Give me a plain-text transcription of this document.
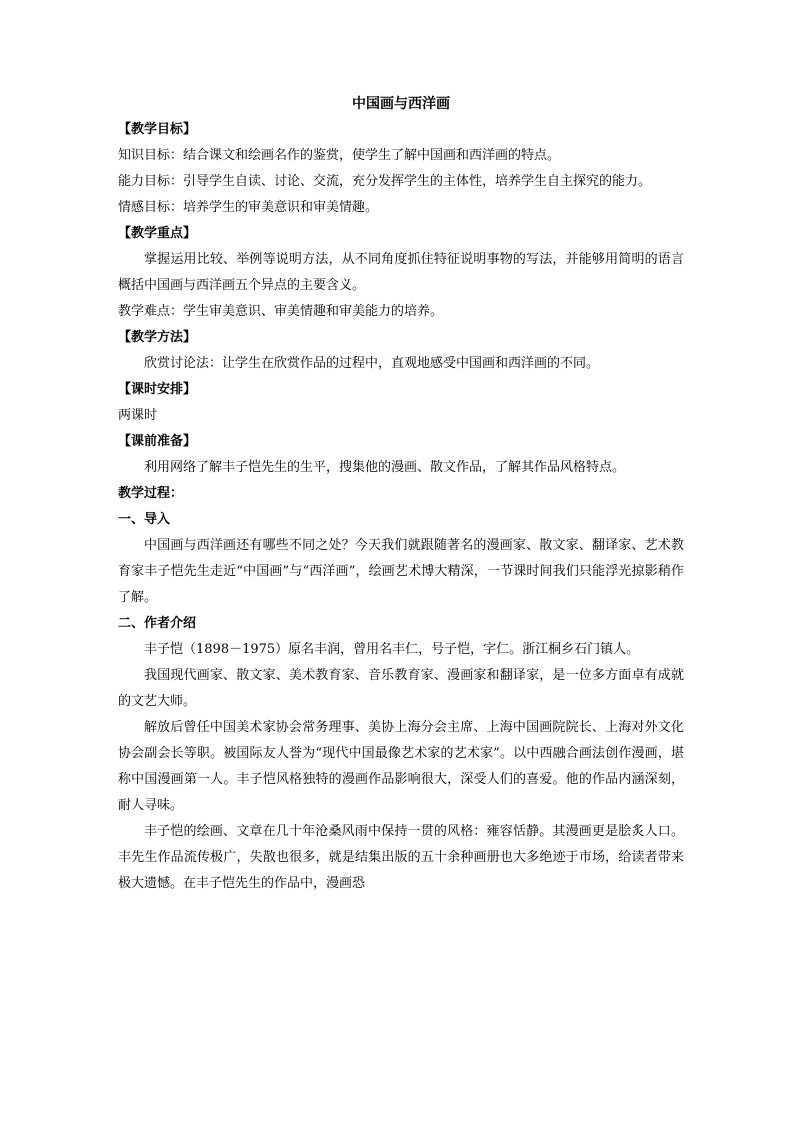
中国画与西洋画

【教学目标】

知识目标：结合课文和绘画名作的鉴赏，使学生了解中国画和西洋画的特点。

能力目标：引导学生自读、讨论、交流，充分发挥学生的主体性，培养学生自主探究的能力。

情感目标：培养学生的审美意识和审美情趣。

【教学重点】

掌握运用比较、举例等说明方法，从不同角度抓住特征说明事物的写法，并能够用简明的语言概括中国画与西洋画五个异点的主要含义。

教学难点：学生审美意识、审美情趣和审美能力的培养。

【教学方法】

欣赏讨论法：让学生在欣赏作品的过程中，直观地感受中国画和西洋画的不同。

【课时安排】

两课时

【课前准备】

利用网络了解丰子恺先生的生平，搜集他的漫画、散文作品，了解其作品风格特点。

教学过程：

一、导入

中国画与西洋画还有哪些不同之处？今天我们就跟随著名的漫画家、散文家、翻译家、艺术教育家丰子恺先生走近“中国画”与“西洋画”，绘画艺术博大精深，一节课时间我们只能浮光掠影稍作了解。

二、作者介绍

丰子恺（1898－1975）原名丰润，曾用名丰仁，号子恺，字仁。浙江桐乡石门镇人。

我国现代画家、散文家、美术教育家、音乐教育家、漫画家和翻译家，是一位多方面卓有成就的文艺大师。

解放后曾任中国美术家协会常务理事、美协上海分会主席、上海中国画院院长、上海对外文化协会副会长等职。被国际友人誉为“现代中国最像艺术家的艺术家”。以中西融合画法创作漫画，堪称中国漫画第一人。丰子恺风格独特的漫画作品影响很大，深受人们的喜爱。他的作品内涵深刻，耐人寻味。

丰子恺的绘画、文章在几十年沧桑风雨中保持一贯的风格：雍容恬静。其漫画更是脍炙人口。丰先生作品流传极广，失散也很多，就是结集出版的五十余种画册也大多绝迹于市场，给读者带来极大遗憾。在丰子恺先生的作品中，漫画恐
